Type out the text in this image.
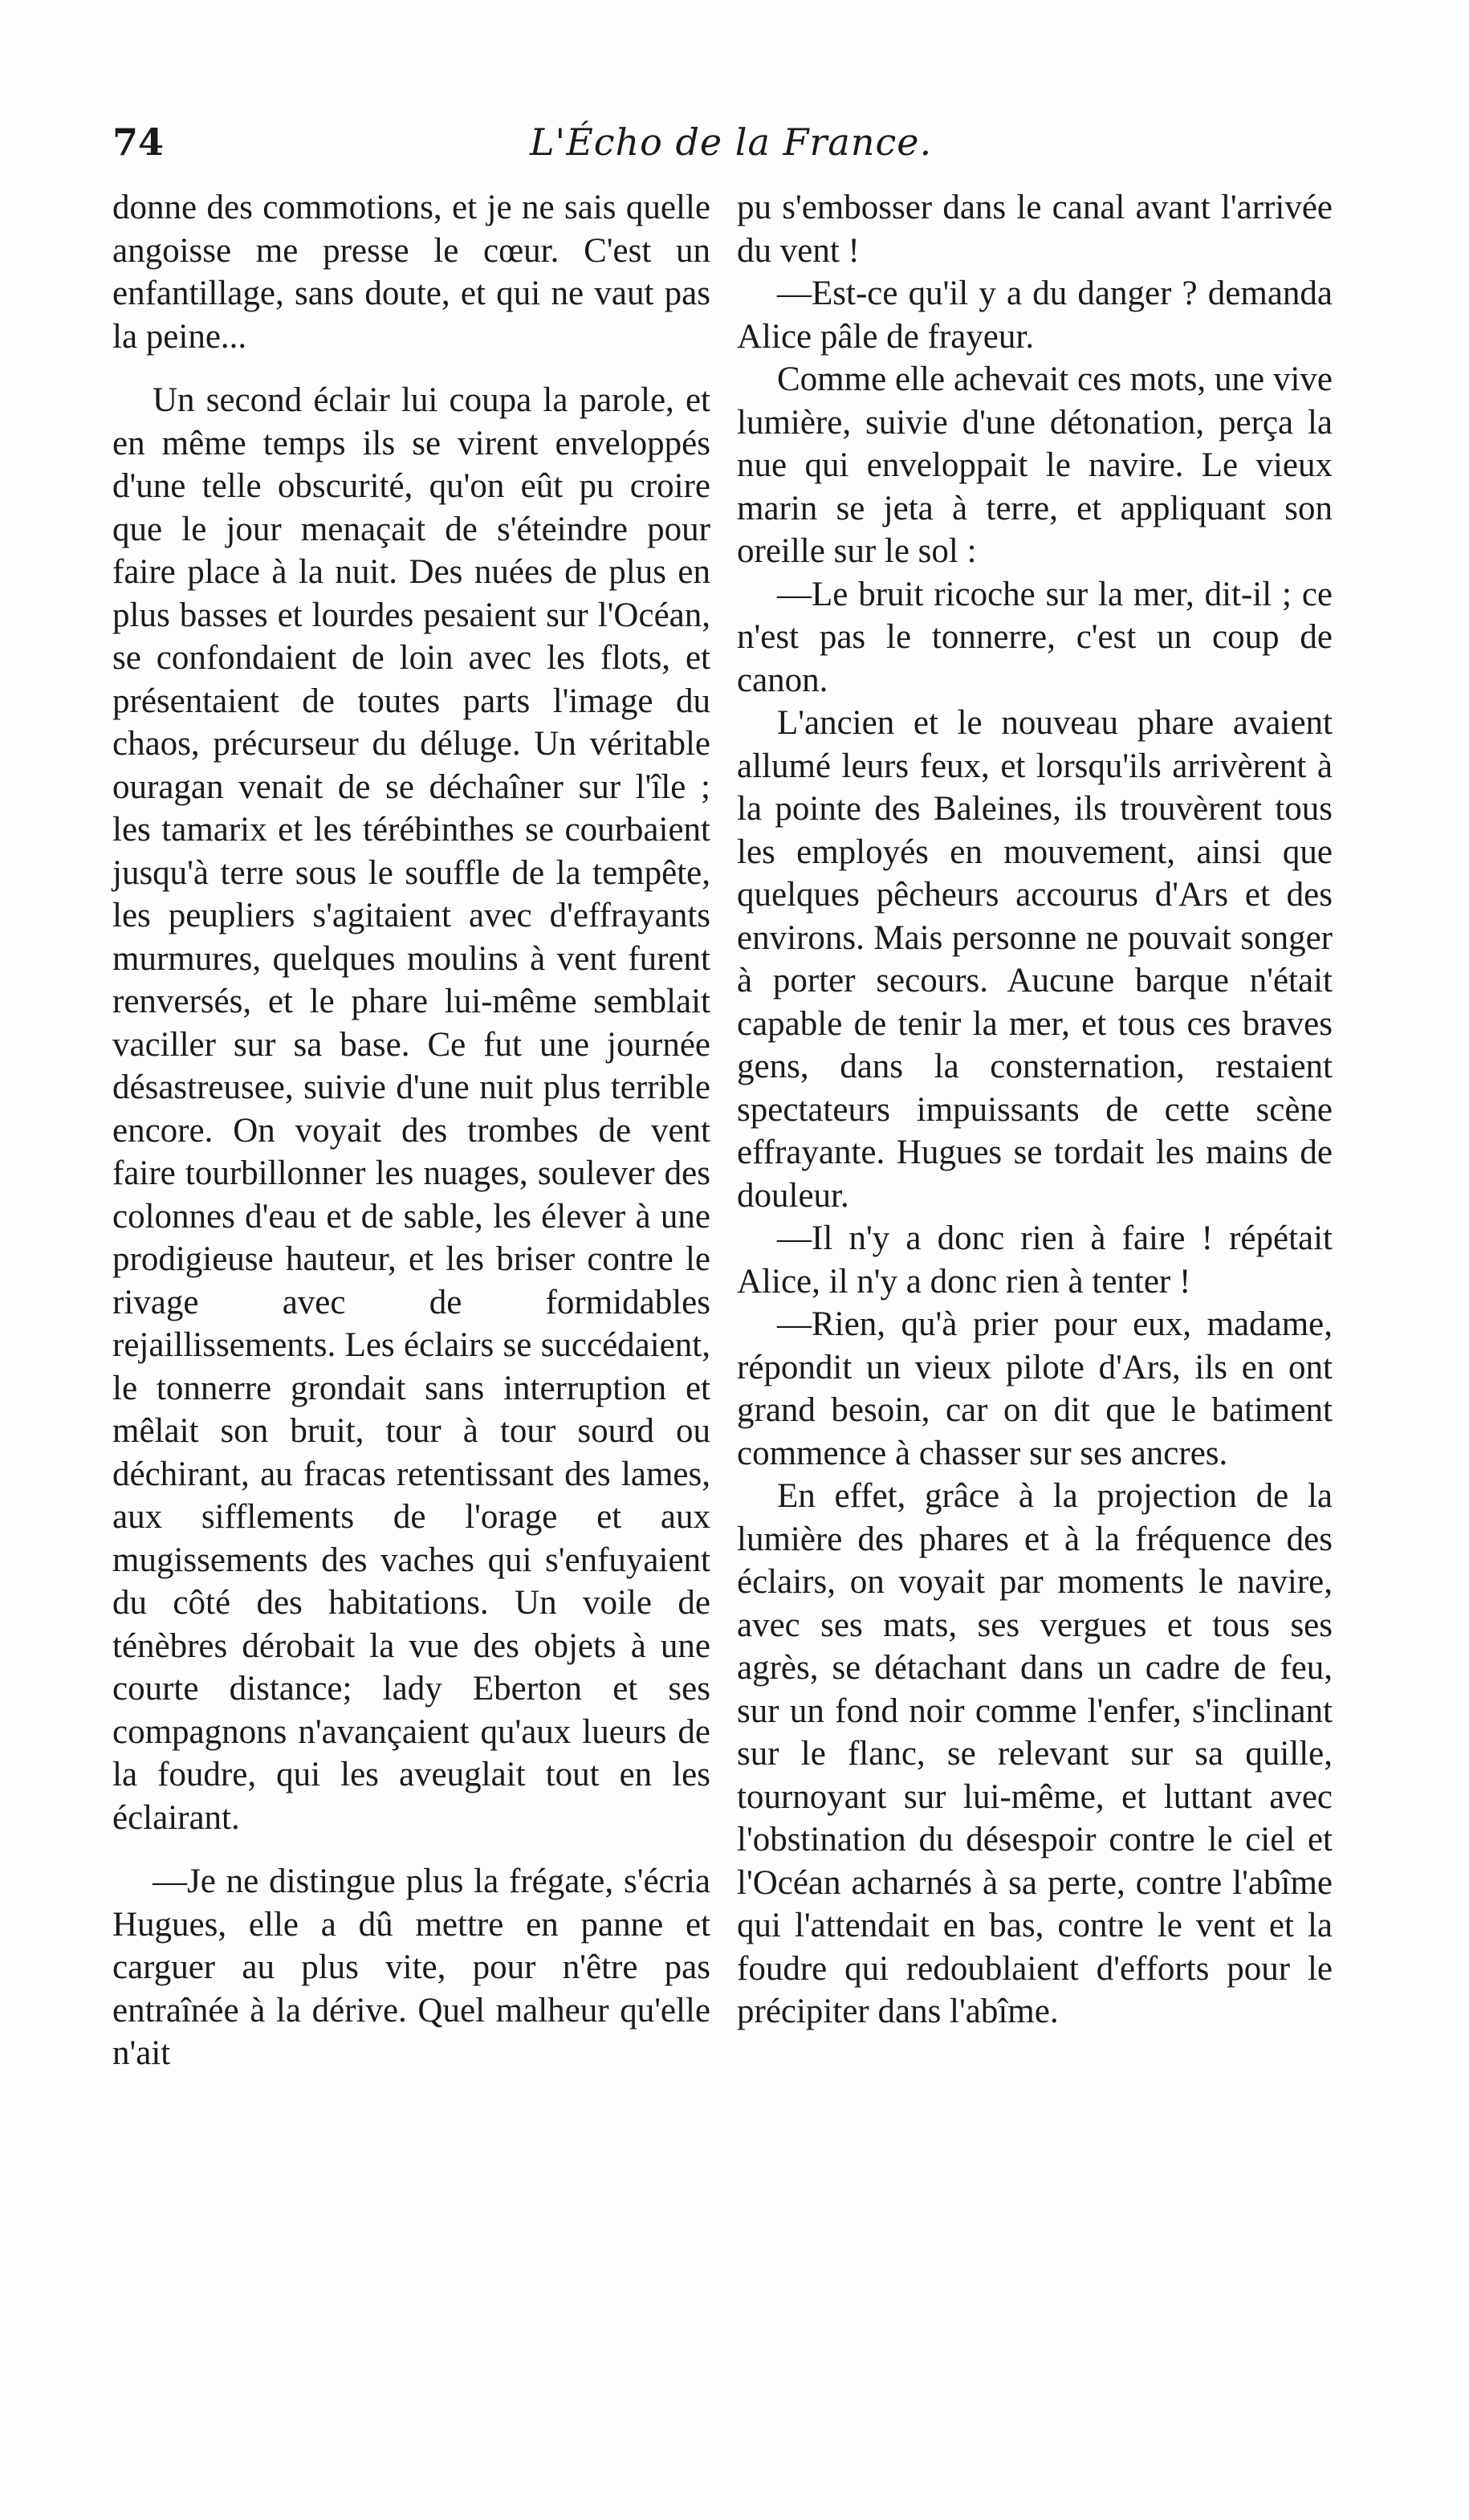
74	L'Écho de la France.

donne des commotions, et je ne sais quelle angoisse me presse le cœur. C'est un enfantillage, sans doute, et qui ne vaut pas la peine...

Un second éclair lui coupa la parole, et en même temps ils se virent enveloppés d'une telle obscurité, qu'on eût pu croire que le jour menaçait de s'éteindre pour faire place à la nuit. Des nuées de plus en plus basses et lourdes pesaient sur l'Océan, se confondaient de loin avec les flots, et présentaient de toutes parts l'image du chaos, précurseur du déluge. Un véritable ouragan venait de se déchaîner sur l'île ; les tamarix et les térébinthes se courbaient jusqu'à terre sous le souffle de la tempête, les peupliers s'agitaient avec d'effrayants murmures, quelques moulins à vent furent renversés, et le phare lui-même semblait vaciller sur sa base. Ce fut une journée désastreusee, suivie d'une nuit plus terrible encore. On voyait des trombes de vent faire tourbillonner les nuages, soulever des colonnes d'eau et de sable, les élever à une prodigieuse hauteur, et les briser contre le rivage avec de formidables rejaillissements. Les éclairs se succédaient, le tonnerre grondait sans interruption et mêlait son bruit, tour à tour sourd ou déchirant, au fracas retentissant des lames, aux sifflements de l'orage et aux mugissements des vaches qui s'enfuyaient du côté des habitations. Un voile de ténèbres dérobait la vue des objets à une courte distance; lady Eberton et ses compagnons n'avançaient qu'aux lueurs de la foudre, qui les aveuglait tout en les éclairant.

—Je ne distingue plus la frégate, s'écria Hugues, elle a dû mettre en panne et carguer au plus vite, pour n'être pas entraînée à la dérive. Quel malheur qu'elle n'ait

pu s'embosser dans le canal avant l'arrivée du vent !

—Est-ce qu'il y a du danger ? demanda Alice pâle de frayeur.

Comme elle achevait ces mots, une vive lumière, suivie d'une détonation, perça la nue qui enveloppait le navire. Le vieux marin se jeta à terre, et appliquant son oreille sur le sol :

—Le bruit ricoche sur la mer, dit-il ; ce n'est pas le tonnerre, c'est un coup de canon.

L'ancien et le nouveau phare avaient allumé leurs feux, et lorsqu'ils arrivèrent à la pointe des Baleines, ils trouvèrent tous les employés en mouvement, ainsi que quelques pêcheurs accourus d'Ars et des environs. Mais personne ne pouvait songer à porter secours. Aucune barque n'était capable de tenir la mer, et tous ces braves gens, dans la consternation, restaient spectateurs impuissants de cette scène effrayante. Hugues se tordait les mains de douleur.

—Il n'y a donc rien à faire ! répétait Alice, il n'y a donc rien à tenter !

—Rien, qu'à prier pour eux, madame, répondit un vieux pilote d'Ars, ils en ont grand besoin, car on dit que le batiment commence à chasser sur ses ancres.

En effet, grâce à la projection de la lumière des phares et à la fréquence des éclairs, on voyait par moments le navire, avec ses mats, ses vergues et tous ses agrès, se détachant dans un cadre de feu, sur un fond noir comme l'enfer, s'inclinant sur le flanc, se relevant sur sa quille, tournoyant sur lui-même, et luttant avec l'obstination du désespoir contre le ciel et l'Océan acharnés à sa perte, contre l'abîme qui l'attendait en bas, contre le vent et la foudre qui redoublaient d'efforts pour le précipiter dans l'abîme.
